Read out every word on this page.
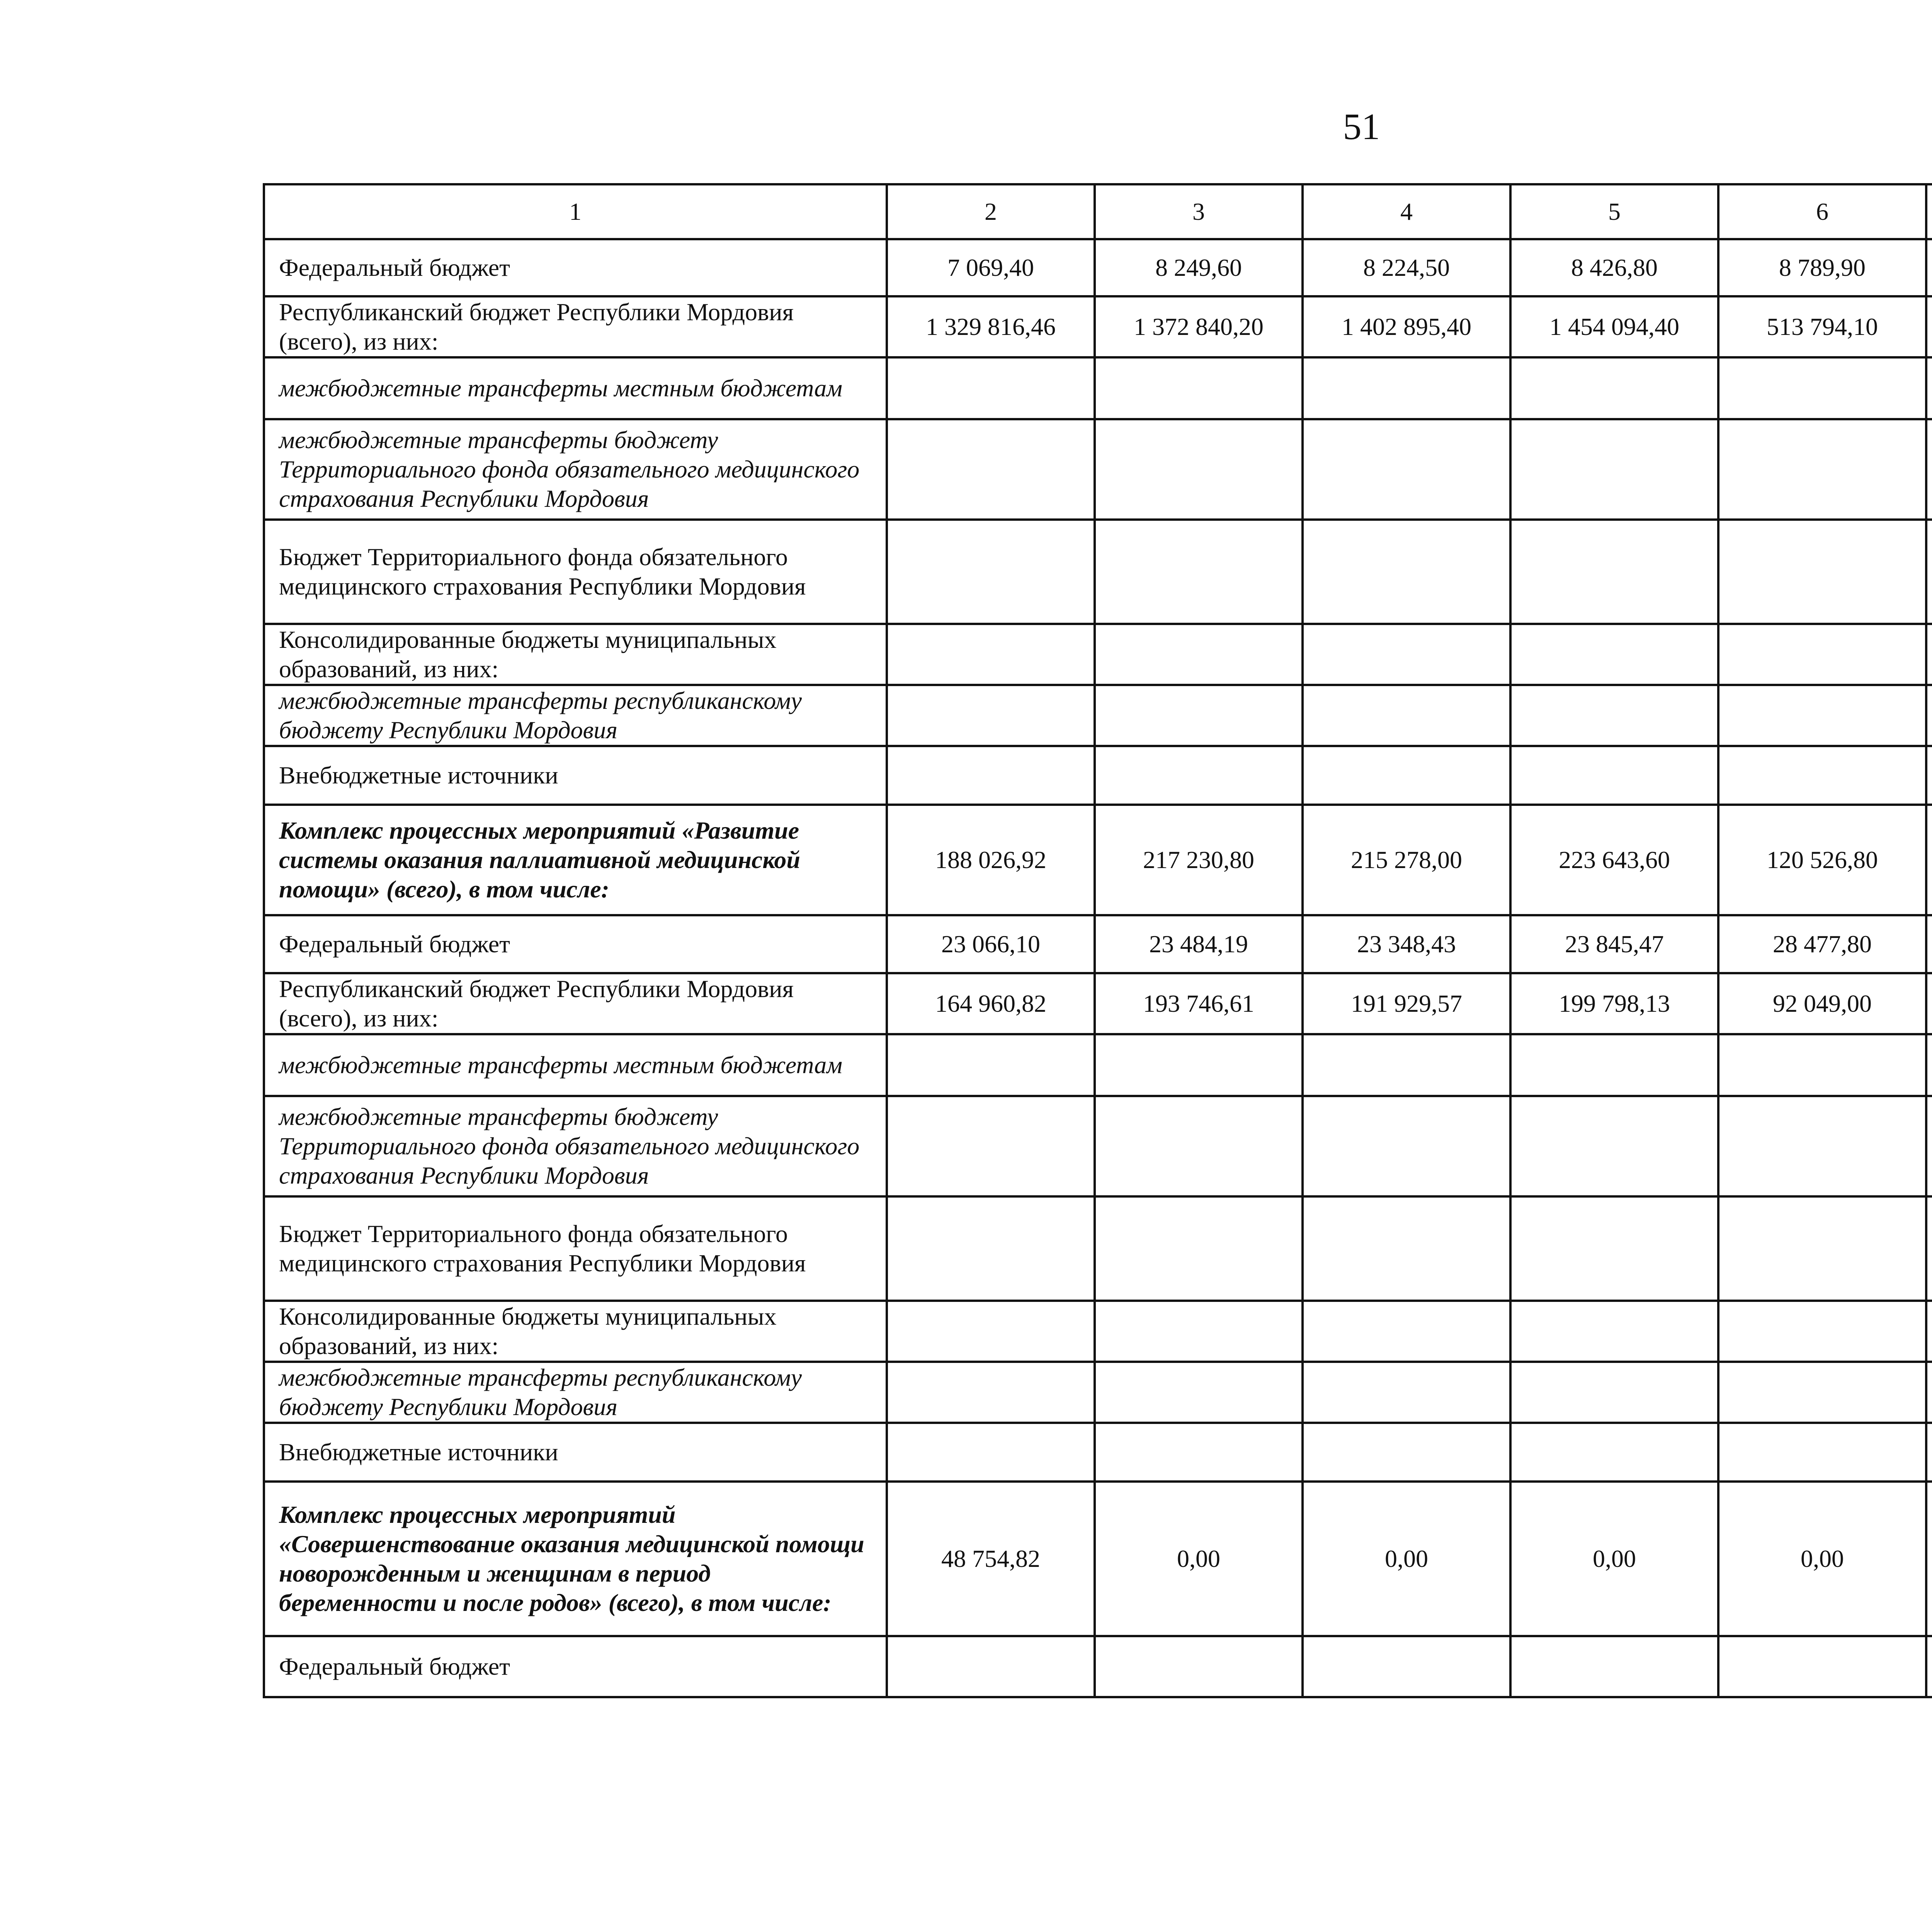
51
1	2	3	4	5	6			
Федеральный бюджет	7 069,40	8 249,60	8 224,50	8 426,80	8 789,90			
Республиканский бюджет Республики Мордовия (всего), из них:	1 329 816,46	1 372 840,20	1 402 895,40	1 454 094,40	513 794,10			
межбюджетные трансферты местным бюджетам								
межбюджетные трансферты бюджету Территориального фонда обязательного медицинского страхования Республики Мордовия								
Бюджет Территориального фонда обязательного медицинского страхования Республики Мордовия								
Консолидированные бюджеты муниципальных образований, из них:								
межбюджетные трансферты республиканскому бюджету Республики Мордовия								
Внебюджетные источники								
Комплекс процессных мероприятий «Развитие системы оказания паллиативной медицинской помощи» (всего), в том числе:	188 026,92	217 230,80	215 278,00	223 643,60	120 526,80			
Федеральный бюджет	23 066,10	23 484,19	23 348,43	23 845,47	28 477,80			
Республиканский бюджет Республики Мордовия (всего), из них:	164 960,82	193 746,61	191 929,57	199 798,13	92 049,00			
межбюджетные трансферты местным бюджетам								
межбюджетные трансферты бюджету Территориального фонда обязательного медицинского страхования Республики Мордовия								
Бюджет Территориального фонда обязательного медицинского страхования Республики Мордовия								
Консолидированные бюджеты муниципальных образований, из них:								
межбюджетные трансферты республиканскому бюджету Республики Мордовия								
Внебюджетные источники								
Комплекс процессных мероприятий «Совершенствование оказания медицинской помощи новорожденным и женщинам в период беременности и после родов» (всего), в том числе:	48 754,82	0,00	0,00	0,00	0,00			
Федеральный бюджет								
